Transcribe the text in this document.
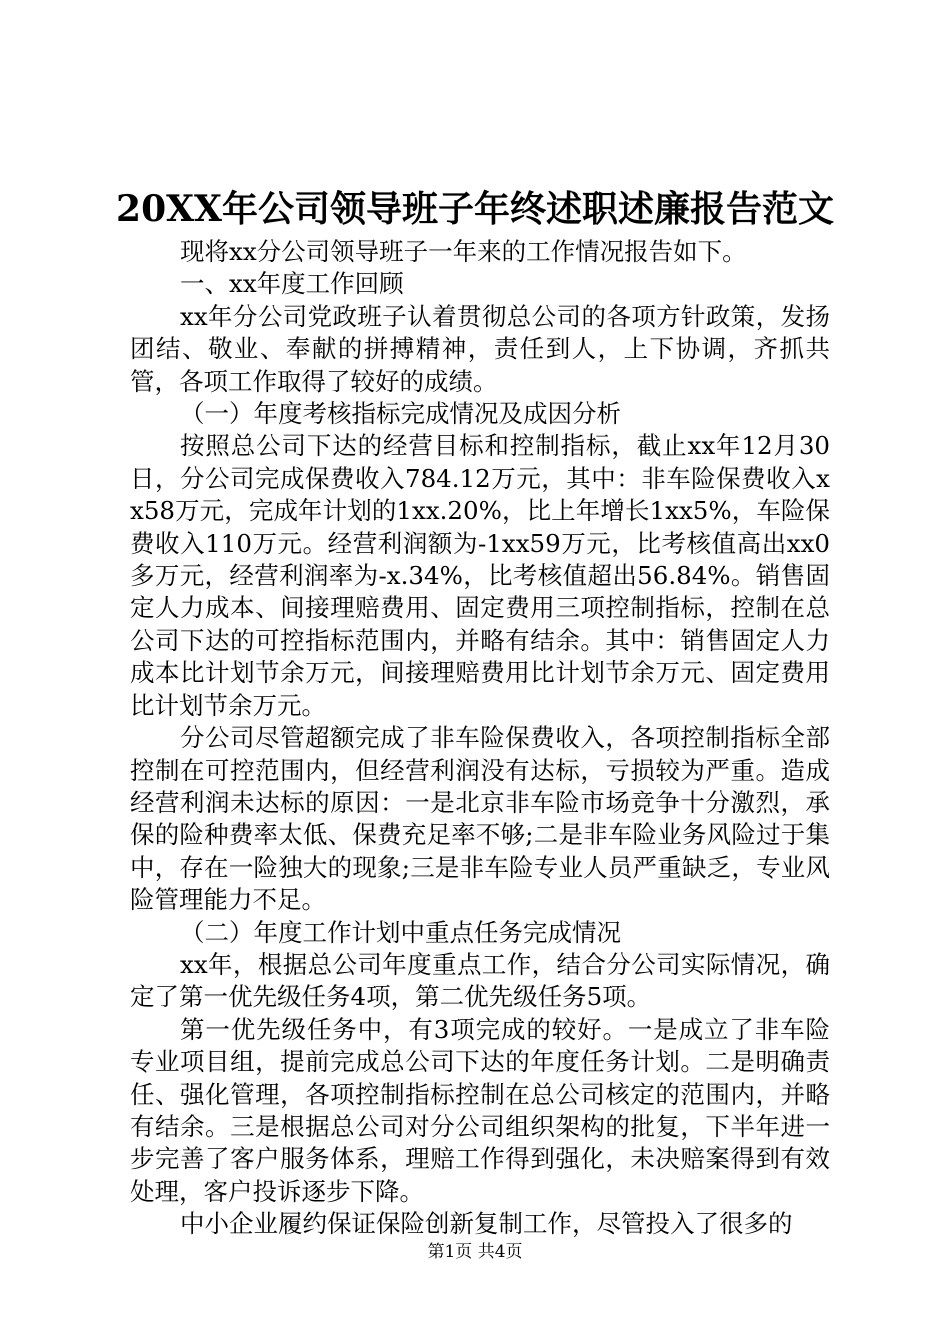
20XX年公司领导班子年终述职述廉报告范文

现将xx分公司领导班子一年来的工作情况报告如下。

一、xx年度工作回顾

xx年分公司党政班子认着贯彻总公司的各项方针政策，发扬团结、敬业、奉献的拼搏精神，责任到人，上下协调，齐抓共管，各项工作取得了较好的成绩。

（一）年度考核指标完成情况及成因分析

按照总公司下达的经营目标和控制指标，截止xx年12月30日，分公司完成保费收入784.12万元，其中：非车险保费收入xx58万元，完成年计划的1xx.20%，比上年增长1xx5%，车险保费收入110万元。经营利润额为-1xx59万元，比考核值高出xx0多万元，经营利润率为-x.34%，比考核值超出56.84%。销售固定人力成本、间接理赔费用、固定费用三项控制指标，控制在总公司下达的可控指标范围内，并略有结余。其中：销售固定人力成本比计划节余万元，间接理赔费用比计划节余万元、固定费用比计划节余万元。

分公司尽管超额完成了非车险保费收入，各项控制指标全部控制在可控范围内，但经营利润没有达标，亏损较为严重。造成经营利润未达标的原因：一是北京非车险市场竞争十分激烈，承保的险种费率太低、保费充足率不够;二是非车险业务风险过于集中，存在一险独大的现象;三是非车险专业人员严重缺乏，专业风险管理能力不足。

（二）年度工作计划中重点任务完成情况

xx年，根据总公司年度重点工作，结合分公司实际情况，确定了第一优先级任务4项，第二优先级任务5项。

第一优先级任务中，有3项完成的较好。一是成立了非车险专业项目组，提前完成总公司下达的年度任务计划。二是明确责任、强化管理，各项控制指标控制在总公司核定的范围内，并略有结余。三是根据总公司对分公司组织架构的批复，下半年进一步完善了客户服务体系，理赔工作得到强化，未决赔案得到有效处理，客户投诉逐步下降。

中小企业履约保证保险创新复制工作，尽管投入了很多的

第1页 共4页
